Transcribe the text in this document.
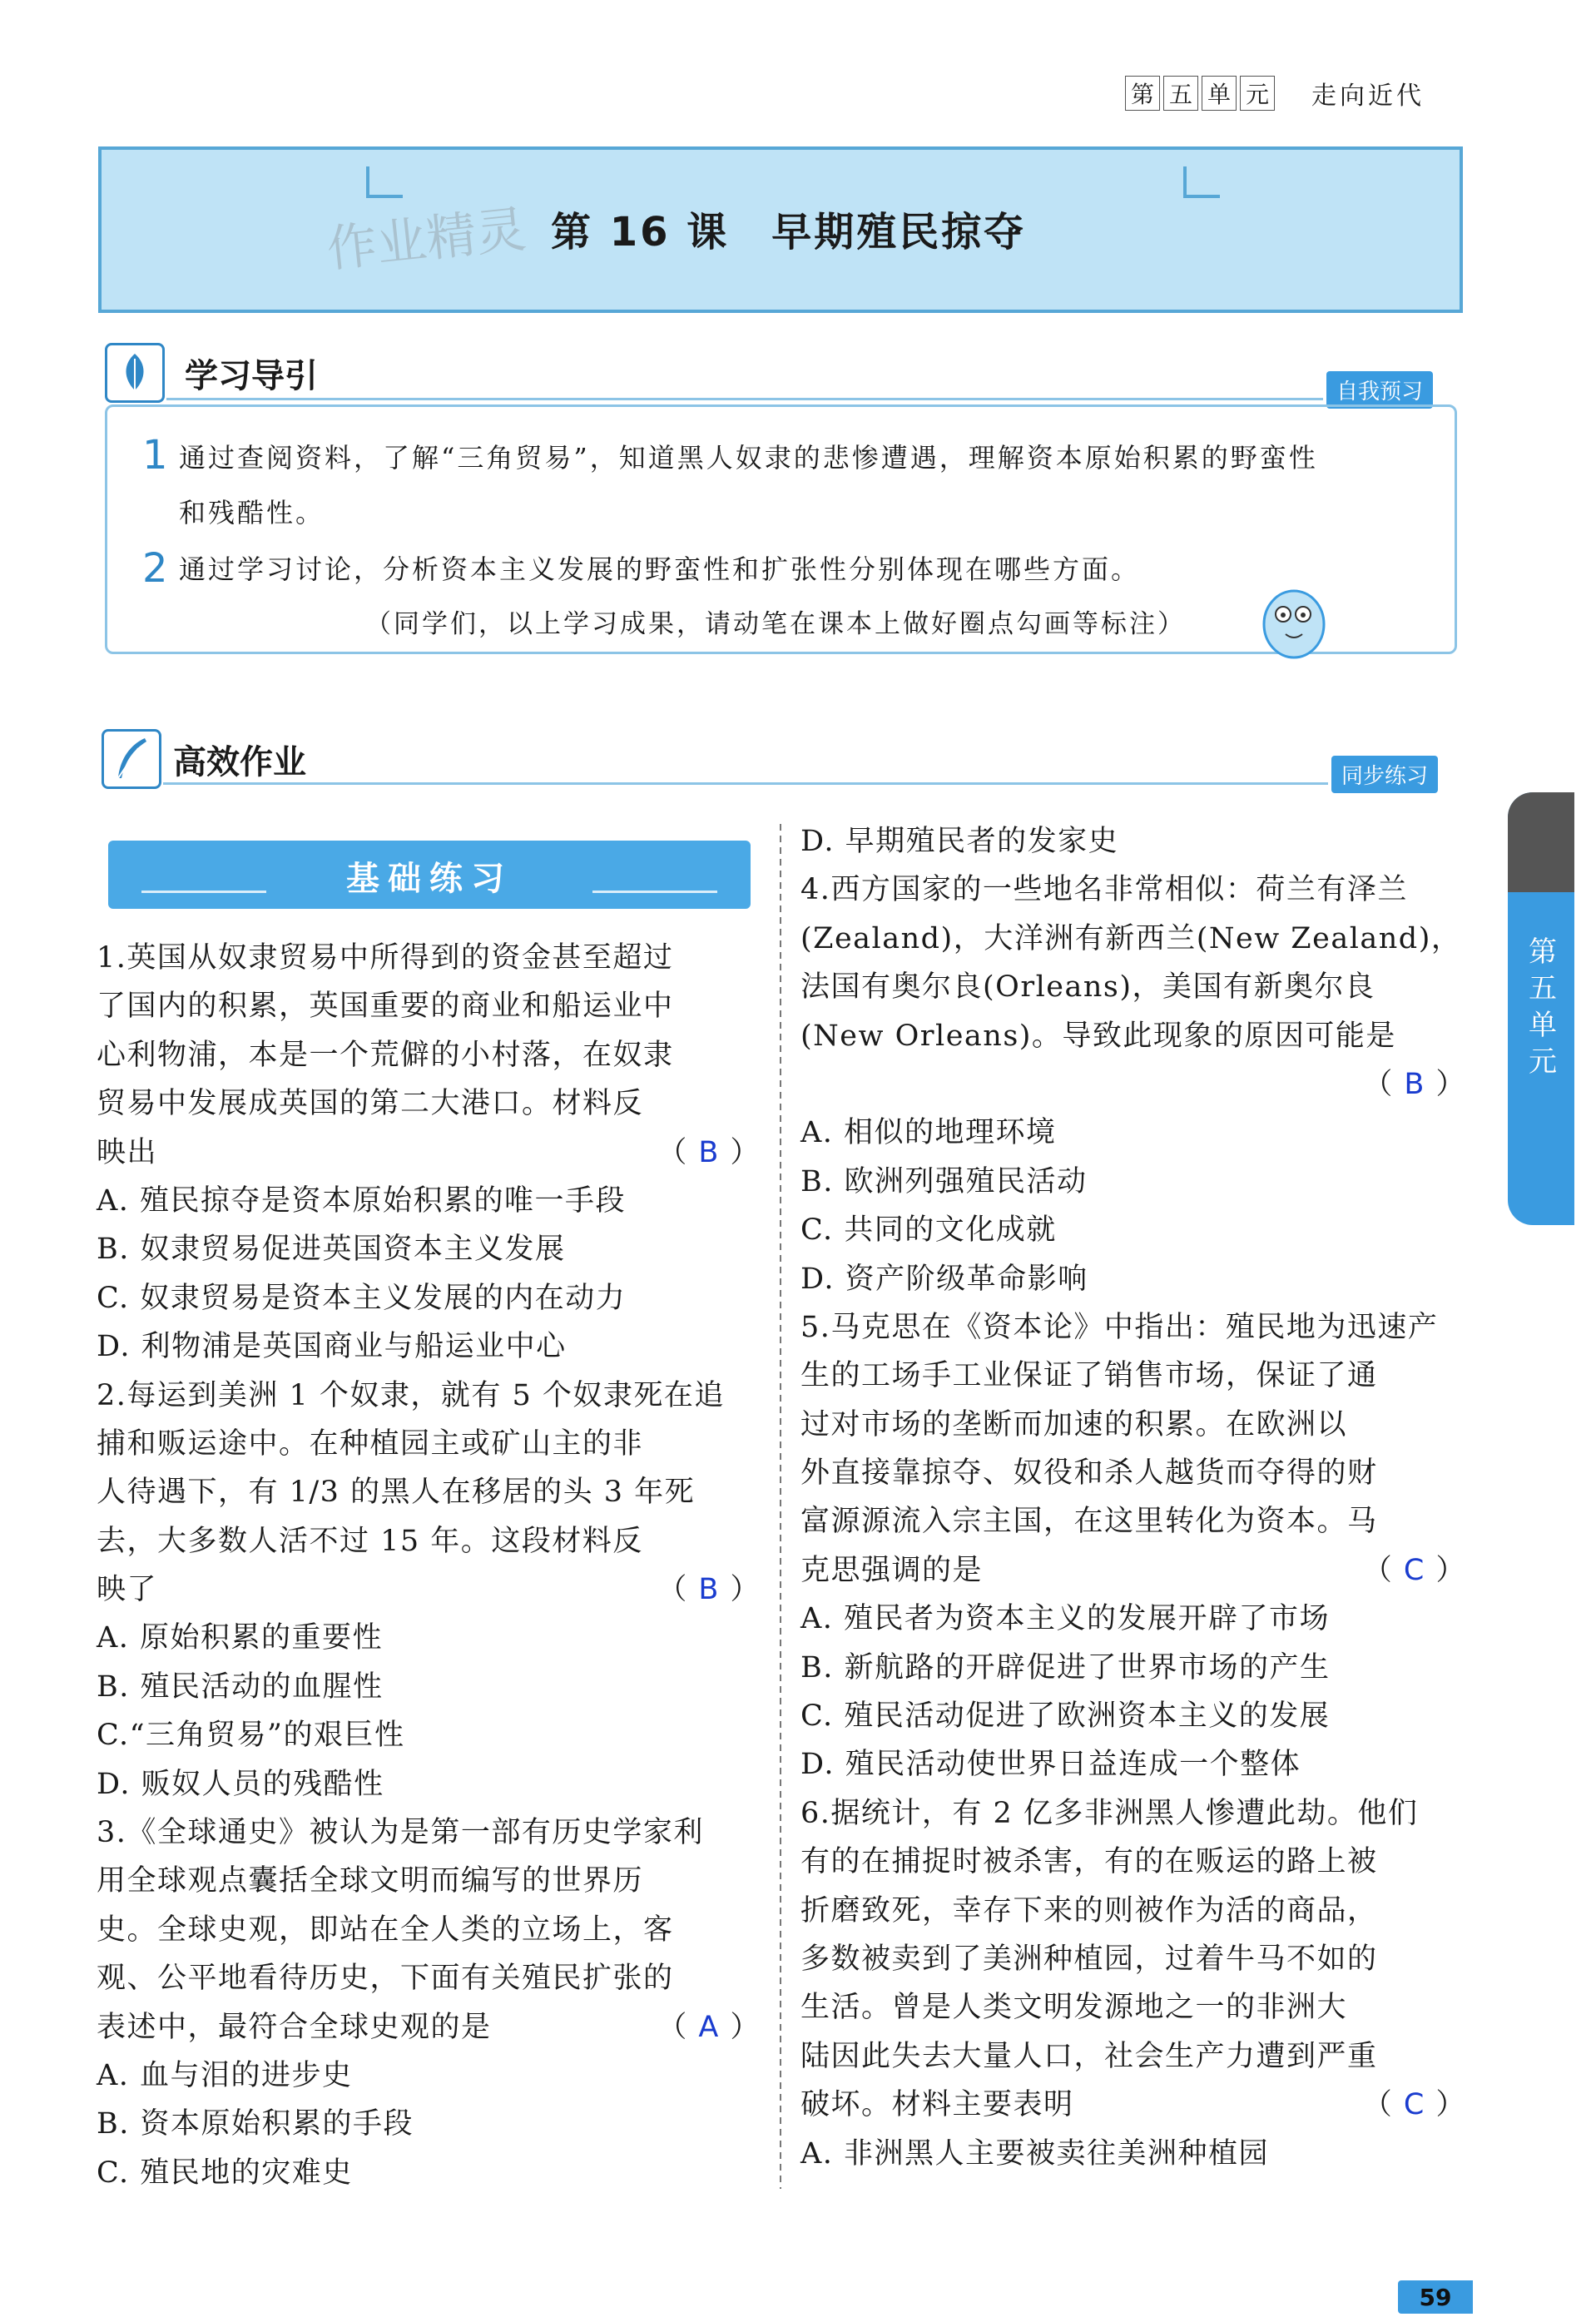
第 五 单 元 走向近代
作业精灵 第 16 课　早期殖民掠夺
学习导引	自我预习
1 通过查阅资料，了解“三角贸易”，知道黑人奴隶的悲惨遭遇，理解资本原始积累的野蛮性
和残酷性。
2 通过学习讨论，分析资本主义发展的野蛮性和扩张性分别体现在哪些方面。
（同学们，以上学习成果，请动笔在课本上做好圈点勾画等标注）
高效作业	同步练习
基础练习
1.英国从奴隶贸易中所得到的资金甚至超过
了国内的积累，英国重要的商业和船运业中
心利物浦，本是一个荒僻的小村落，在奴隶
贸易中发展成英国的第二大港口。材料反
映出	（ B ）
A. 殖民掠夺是资本原始积累的唯一手段
B. 奴隶贸易促进英国资本主义发展
C. 奴隶贸易是资本主义发展的内在动力
D. 利物浦是英国商业与船运业中心
2.每运到美洲 1 个奴隶，就有 5 个奴隶死在追
捕和贩运途中。在种植园主或矿山主的非
人待遇下，有 1/3 的黑人在移居的头 3 年死
去，大多数人活不过 15 年。这段材料反
映了	（ B ）
A. 原始积累的重要性
B. 殖民活动的血腥性
C.“三角贸易”的艰巨性
D. 贩奴人员的残酷性
3.《全球通史》被认为是第一部有历史学家利
用全球观点囊括全球文明而编写的世界历
史。全球史观，即站在全人类的立场上，客
观、公平地看待历史，下面有关殖民扩张的
表述中，最符合全球史观的是	（ A ）
A. 血与泪的进步史
B. 资本原始积累的手段
C. 殖民地的灾难史
D. 早期殖民者的发家史
4.西方国家的一些地名非常相似：荷兰有泽兰
(Zealand)，大洋洲有新西兰(New Zealand)，
法国有奥尔良(Orleans)，美国有新奥尔良
(New Orleans)。导致此现象的原因可能是
（ B ）
A. 相似的地理环境
B. 欧洲列强殖民活动
C. 共同的文化成就
D. 资产阶级革命影响
5.马克思在《资本论》中指出：殖民地为迅速产
生的工场手工业保证了销售市场，保证了通
过对市场的垄断而加速的积累。在欧洲以
外直接靠掠夺、奴役和杀人越货而夺得的财
富源源流入宗主国，在这里转化为资本。马
克思强调的是	（ C ）
A. 殖民者为资本主义的发展开辟了市场
B. 新航路的开辟促进了世界市场的产生
C. 殖民活动促进了欧洲资本主义的发展
D. 殖民活动使世界日益连成一个整体
6.据统计，有 2 亿多非洲黑人惨遭此劫。他们
有的在捕捉时被杀害，有的在贩运的路上被
折磨致死，幸存下来的则被作为活的商品，
多数被卖到了美洲种植园，过着牛马不如的
生活。曾是人类文明发源地之一的非洲大
陆因此失去大量人口，社会生产力遭到严重
破坏。材料主要表明	（ C ）
A. 非洲黑人主要被卖往美洲种植园
第
五
单
元
59
